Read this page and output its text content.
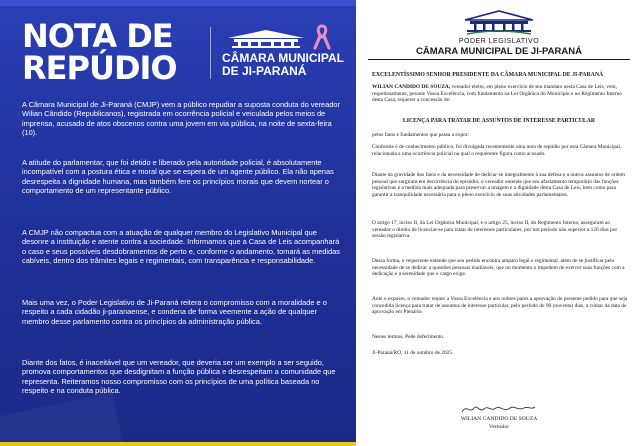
NOTA DE
REPÚDIO	CÂMARA MUNICIPAL
DE JI-PARANÁ

A Câmara Municipal de Ji-Paraná (CMJP) vem a público repudiar a suposta conduta do vereador Wilian Cândido (Republicanos), registrada em ocorrência policial e veiculada pelos meios de imprensa, acusado de atos obscenos contra uma jovem em via pública, na noite de sexta-feira (10).

A atitude do parlamentar, que foi detido e liberado pela autoridade policial, é absolutamente incompatível com a postura ética e moral que se espera de um agente público. Ela não apenas desrespeita a dignidade humana, mas também fere os princípios morais que devem nortear o comportamento de um representante público.

A CMJP não compactua com a atuação de qualquer membro do Legislativo Municipal que desonre a instituição e atente contra a sociedade. Informamos que a Casa de Leis acompanhará o caso e seus possíveis desdobramentos de perto e, conforme o andamento, tomará as medidas cabíveis, dentro dos trâmites legais e regimentais, com transparência e responsabilidade.

Mais uma vez, o Poder Legislativo de Ji-Paraná reitera o compromisso com a moralidade e o respeito a cada cidadão ji-paranaense, e condena de forma veemente a ação de qualquer membro desse parlamento contra os princípios da administração pública.

Diante dos fatos, é inaceitável que um vereador, que deveria ser um exemplo a ser seguido, promova comportamentos que desdignitam a função pública e desrespeitam a comunidade que representa. Reiteramos nosso compromisso com os princípios de uma política baseada no respeito e na conduta pública.

PODER LEGISLATIVO
CÂMARA MUNICIPAL DE JI-PARANÁ

EXCELENTÍSSIMO SENHOR PRESIDENTE DA CÂMARA MUNICIPAL DE JI-PARANÁ

WILIAN CANDIDO DE SOUZA, vereador eleito, em pleno exercício de seu mandato nesta Casa de Leis, vem, respeitosamente, perante Vossa Excelência, com fundamento na Lei Orgânica do Município e no Regimento Interno desta Casa, requerer a concessão de:

LICENÇA PARA TRATAR DE ASSUNTOS DE INTERESSE PARTICULAR

pelos fatos e fundamentos que passa a expor:

Conforme é de conhecimento público, foi divulgada recentemente uma nota de repúdio por esta Câmara Municipal, relacionada a uma ocorrência policial na qual o requerente figura como acusado.

Diante da gravidade dos fatos e da necessidade de dedicar-se integralmente à sua defesa e a outros assuntos de ordem pessoal que surgiram em decorrência do episódio, o vereador entende que seu afastamento temporário das funções legislativas é a medida mais adequada para preservar a imagem e a dignidade desta Casa de Leis, bem como para garantir a tranquilidade necessária para o pleno exercício de suas atividades parlamentares.

O artigo 17, inciso II, da Lei Orgânica Municipal, e o artigo 25, inciso II, do Regimento Interno, asseguram ao vereador o direito de licenciar-se para tratar de interesses particulares, por um período não superior a 120 dias por sessão legislativa.

Dessa forma, o requerente entende que seu pedido encontra amparo legal e regimental, além de se justificar pela necessidade de se dedicar a questões pessoais inadiáveis, que no momento o impedem de exercer suas funções com a dedicação e a serenidade que o cargo exige.

Ante o exposto, o vereador requer a Vossa Excelência e aos nobres pares a aprovação do presente pedido para que seja concedida licença para tratar de assuntos de interesse particular, pelo período de 90 (noventa) dias, a contar da data de aprovação em Plenário.

Nestes termos, Pede deferimento.

Ji-Paraná/RO, 11 de outubro de 2025.

WILIAN CANDIDO DE SOUZA
Vereador
